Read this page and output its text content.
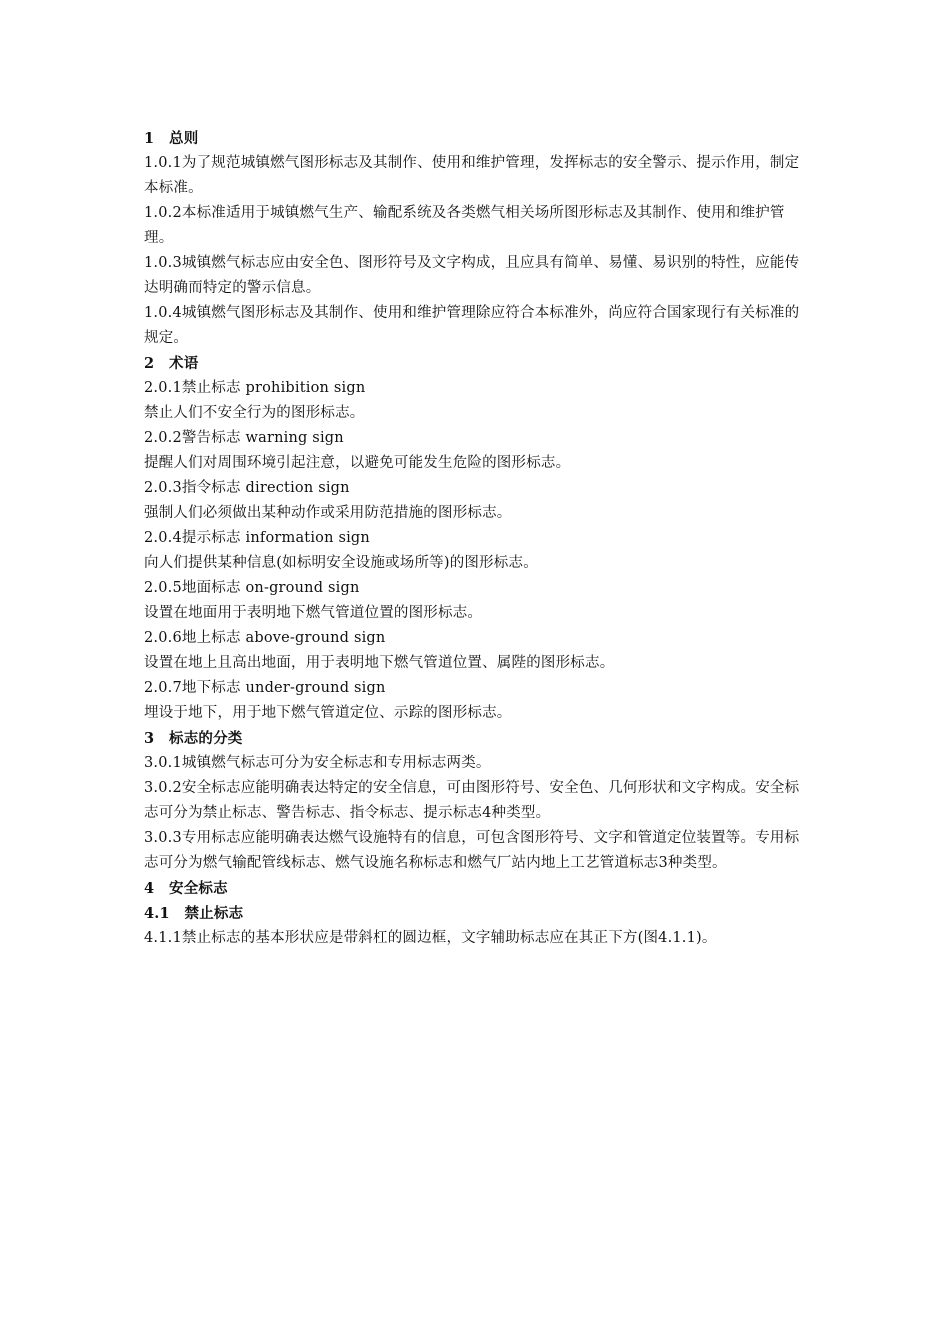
1　总则

1.0.1为了规范城镇燃气图形标志及其制作、使用和维护管理，发挥标志的安全警示、提示作用，制定本标准。

1.0.2本标准适用于城镇燃气生产、输配系统及各类燃气相关场所图形标志及其制作、使用和维护管理。

1.0.3城镇燃气标志应由安全色、图形符号及文字构成，且应具有简单、易懂、易识别的特性，应能传达明确而特定的警示信息。

1.0.4城镇燃气图形标志及其制作、使用和维护管理除应符合本标准外，尚应符合国家现行有关标准的规定。

2　术语

2.0.1禁止标志 prohibition sign

禁止人们不安全行为的图形标志。

2.0.2警告标志 warning sign

提醒人们对周围环境引起注意，以避免可能发生危险的图形标志。

2.0.3指令标志 direction sign

强制人们必须做出某种动作或采用防范措施的图形标志。

2.0.4提示标志 information sign

向人们提供某种信息(如标明安全设施或场所等)的图形标志。

2.0.5地面标志 on-ground sign

设置在地面用于表明地下燃气管道位置的图形标志。

2.0.6地上标志 above-ground sign

设置在地上且高出地面，用于表明地下燃气管道位置、属陛的图形标志。

2.0.7地下标志 under-ground sign

埋设于地下，用于地下燃气管道定位、示踪的图形标志。

3　标志的分类

3.0.1城镇燃气标志可分为安全标志和专用标志两类。

3.0.2安全标志应能明确表达特定的安全信息，可由图形符号、安全色、几何形状和文字构成。安全标志可分为禁止标志、警告标志、指令标志、提示标志4种类型。

3.0.3专用标志应能明确表达燃气设施特有的信息，可包含图形符号、文字和管道定位装置等。专用标志可分为燃气输配管线标志、燃气设施名称标志和燃气厂站内地上工艺管道标志3种类型。

4　安全标志

4.1　禁止标志

4.1.1禁止标志的基本形状应是带斜杠的圆边框，文字辅助标志应在其正下方(图4.1.1)。
